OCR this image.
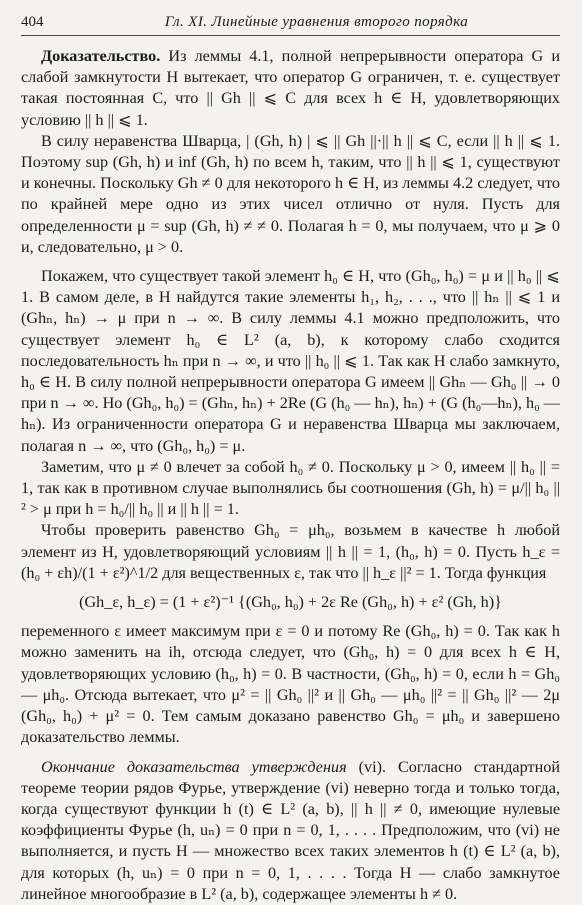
404	Гл. XI. Линейные уравнения второго порядка

Доказательство. Из леммы 4.1, полной непрерывности оператора G и слабой замкнутости H вытекает, что оператор G ограничен, т. е. существует такая постоянная C, что || Gh || ⩽ C для всех h ∈ H, удовлетворяющих условию || h || ⩽ 1.

В силу неравенства Шварца, | (Gh, h) | ⩽ || Gh ||·|| h || ⩽ C, если || h || ⩽ 1. Поэтому sup (Gh, h) и inf (Gh, h) по всем h, таким, что || h || ⩽ 1, существуют и конечны. Поскольку Gh ≠ 0 для некоторого h ∈ H, из леммы 4.2 следует, что по крайней мере одно из этих чисел отлично от нуля. Пусть для определенности μ = sup (Gh, h) ≠ ≠ 0. Полагая h = 0, мы получаем, что μ ⩾ 0 и, следовательно, μ > 0.

Покажем, что существует такой элемент h₀ ∈ H, что (Gh₀, h₀) = μ и || h₀ || ⩽ 1. В самом деле, в H найдутся такие элементы h₁, h₂, . . ., что || hₙ || ⩽ 1 и (Ghₙ, hₙ) → μ при n → ∞. В силу леммы 4.1 можно предположить, что существует элемент h₀ ∈ L² (a, b), к которому слабо сходится последовательность hₙ при n → ∞, и что || h₀ || ⩽ 1. Так как H слабо замкнуто, h₀ ∈ H. В силу полной непрерывности оператора G имеем || Ghₙ — Gh₀ || → 0 при n → ∞. Но (Gh₀, h₀) = (Ghₙ, hₙ) + 2Re (G (h₀ — hₙ), hₙ) + (G (h₀—hₙ), h₀ — hₙ). Из ограниченности оператора G и неравенства Шварца мы заключаем, полагая n → ∞, что (Gh₀, h₀) = μ.

Заметим, что μ ≠ 0 влечет за собой h₀ ≠ 0. Поскольку μ > 0, имеем || h₀ || = 1, так как в противном случае выполнялись бы соотношения (Gh, h) = μ/|| h₀ ||² > μ при h = h₀/|| h₀ || и || h || = 1.

Чтобы проверить равенство Gh₀ = μh₀, возьмем в качестве h любой элемент из H, удовлетворяющий условиям || h || = 1, (h₀, h) = 0. Пусть h_ε = (h₀ + εh)/(1 + ε²)^1/2 для вещественных ε, так что || h_ε ||² = 1. Тогда функция

(Gh_ε, h_ε) = (1 + ε²)⁻¹ {(Gh₀, h₀) + 2ε Re (Gh₀, h) + ε² (Gh, h)}

переменного ε имеет максимум при ε = 0 и потому Re (Gh₀, h) = 0. Так как h можно заменить на ih, отсюда следует, что (Gh₀, h) = 0 для всех h ∈ H, удовлетворяющих условию (h₀, h) = 0. В частности, (Gh₀, h) = 0, если h = Gh₀ — μh₀. Отсюда вытекает, что μ² = || Gh₀ ||² и || Gh₀ — μh₀ ||² = || Gh₀ ||² — 2μ (Gh₀, h₀) + μ² = 0. Тем самым доказано равенство Gh₀ = μh₀ и завершено доказательство леммы.

Окончание доказательства утверждения (vi). Согласно стандартной теореме теории рядов Фурье, утверждение (vi) неверно тогда и только тогда, когда существуют функции h (t) ∈ L² (a, b), || h || ≠ 0, имеющие нулевые коэффициенты Фурье (h, uₙ) = 0 при n = 0, 1, . . . . Предположим, что (vi) не выполняется, и пусть H — множество всех таких элементов h (t) ∈ L² (a, b), для которых (h, uₙ) = 0 при n = 0, 1, . . . . Тогда H — слабо замкнутое линейное многообразие в L² (a, b), содержащее элементы h ≠ 0.
